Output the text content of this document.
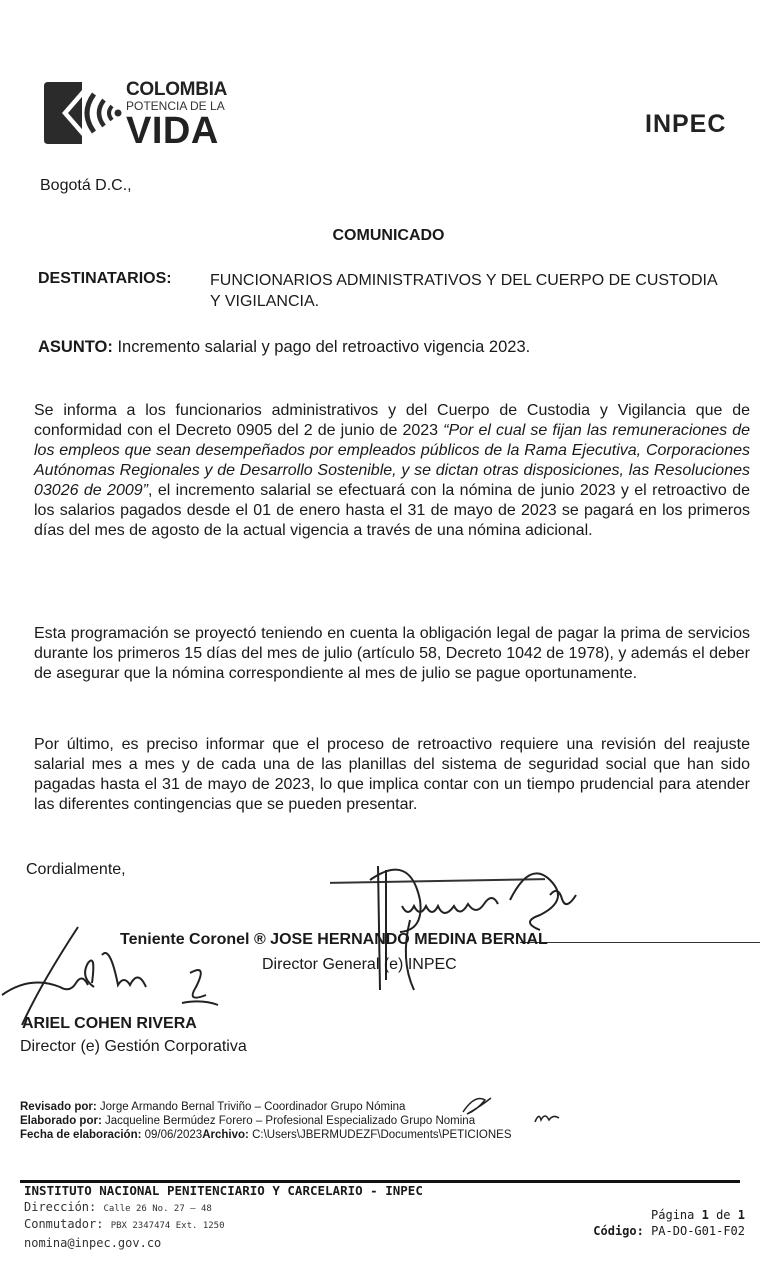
COLOMBIA
POTENCIA DE LA
VIDA	INPEC
Bogotá D.C.,
COMUNICADO
DESTINATARIOS: FUNCIONARIOS ADMINISTRATIVOS Y DEL CUERPO DE CUSTODIA Y VIGILANCIA.
ASUNTO: Incremento salarial y pago del retroactivo vigencia 2023.
Se informa a los funcionarios administrativos y del Cuerpo de Custodia y Vigilancia que de conformidad con el Decreto 0905 del 2 de junio de 2023 “Por el cual se fijan las remuneraciones de los empleos que sean desempeñados por empleados públicos de la Rama Ejecutiva, Corporaciones Autónomas Regionales y de Desarrollo Sostenible, y se dictan otras disposiciones, las Resoluciones 03026 de 2009”, el incremento salarial se efectuará con la nómina de junio 2023 y el retroactivo de los salarios pagados desde el 01 de enero hasta el 31 de mayo de 2023 se pagará en los primeros días del mes de agosto de la actual vigencia a través de una nómina adicional.
Esta programación se proyectó teniendo en cuenta la obligación legal de pagar la prima de servicios durante los primeros 15 días del mes de julio (artículo 58, Decreto 1042 de 1978), y además el deber de asegurar que la nómina correspondiente al mes de julio se pague oportunamente.
Por último, es preciso informar que el proceso de retroactivo requiere una revisión del reajuste salarial mes a mes y de cada una de las planillas del sistema de seguridad social que han sido pagadas hasta el 31 de mayo de 2023, lo que implica contar con un tiempo prudencial para atender las diferentes contingencias que se pueden presentar.
Cordialmente,
Teniente Coronel ® JOSE HERNANDO MEDINA BERNAL
Director General (e) INPEC
ARIEL COHEN RIVERA
Director (e) Gestión Corporativa
Revisado por: Jorge Armando Bernal Triviño – Coordinador Grupo Nómina
Elaborado por: Jacqueline Bermúdez Forero – Profesional Especializado Grupo Nomina
Fecha de elaboración: 09/06/2023Archivo: C:\Users\JBERMUDEZF\Documents\PETICIONES
INSTITUTO NACIONAL PENITENCIARIO Y CARCELARIO - INPEC
Dirección: Calle 26 No. 27 – 48
Conmutador: PBX 2347474 Ext. 1250
nomina@inpec.gov.co
Página 1 de 1
Código: PA-DO-G01-F02
